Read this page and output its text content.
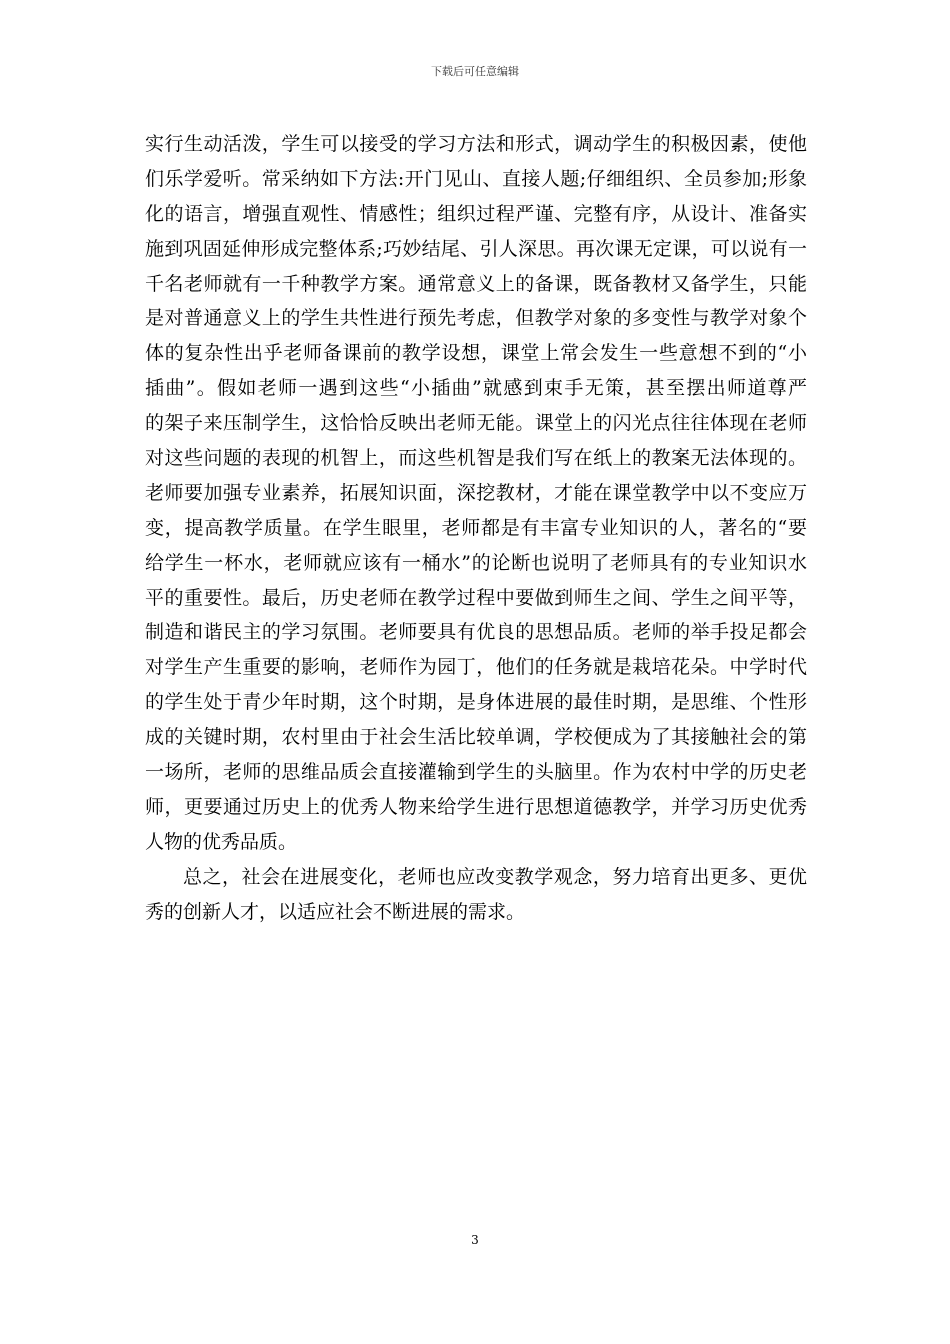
下载后可任意编辑
实行生动活泼，学生可以接受的学习方法和形式，调动学生的积极因素，使他
们乐学爱听。常采纳如下方法:开门见山、直接人题;仔细组织、全员参加;形象
化的语言，增强直观性、情感性；组织过程严谨、完整有序，从设计、准备实
施到巩固延伸形成完整体系;巧妙结尾、引人深思。再次课无定课，可以说有一
千名老师就有一千种教学方案。通常意义上的备课，既备教材又备学生，只能
是对普通意义上的学生共性进行预先考虑，但教学对象的多变性与教学对象个
体的复杂性出乎老师备课前的教学设想，课堂上常会发生一些意想不到的“小
插曲”。假如老师一遇到这些“小插曲”就感到束手无策，甚至摆出师道尊严
的架子来压制学生，这恰恰反映出老师无能。课堂上的闪光点往往体现在老师
对这些问题的表现的机智上，而这些机智是我们写在纸上的教案无法体现的。
老师要加强专业素养，拓展知识面，深挖教材，才能在课堂教学中以不变应万
变，提高教学质量。在学生眼里，老师都是有丰富专业知识的人，著名的“要
给学生一杯水，老师就应该有一桶水”的论断也说明了老师具有的专业知识水
平的重要性。最后，历史老师在教学过程中要做到师生之间、学生之间平等，
制造和谐民主的学习氛围。老师要具有优良的思想品质。老师的举手投足都会
对学生产生重要的影响，老师作为园丁，他们的任务就是栽培花朵。中学时代
的学生处于青少年时期，这个时期，是身体进展的最佳时期，是思维、个性形
成的关键时期，农村里由于社会生活比较单调，学校便成为了其接触社会的第
一场所，老师的思维品质会直接灌输到学生的头脑里。作为农村中学的历史老
师，更要通过历史上的优秀人物来给学生进行思想道德教学，并学习历史优秀
人物的优秀品质。
总之，社会在进展变化，老师也应改变教学观念，努力培育出更多、更优
秀的创新人才，以适应社会不断进展的需求。
3
